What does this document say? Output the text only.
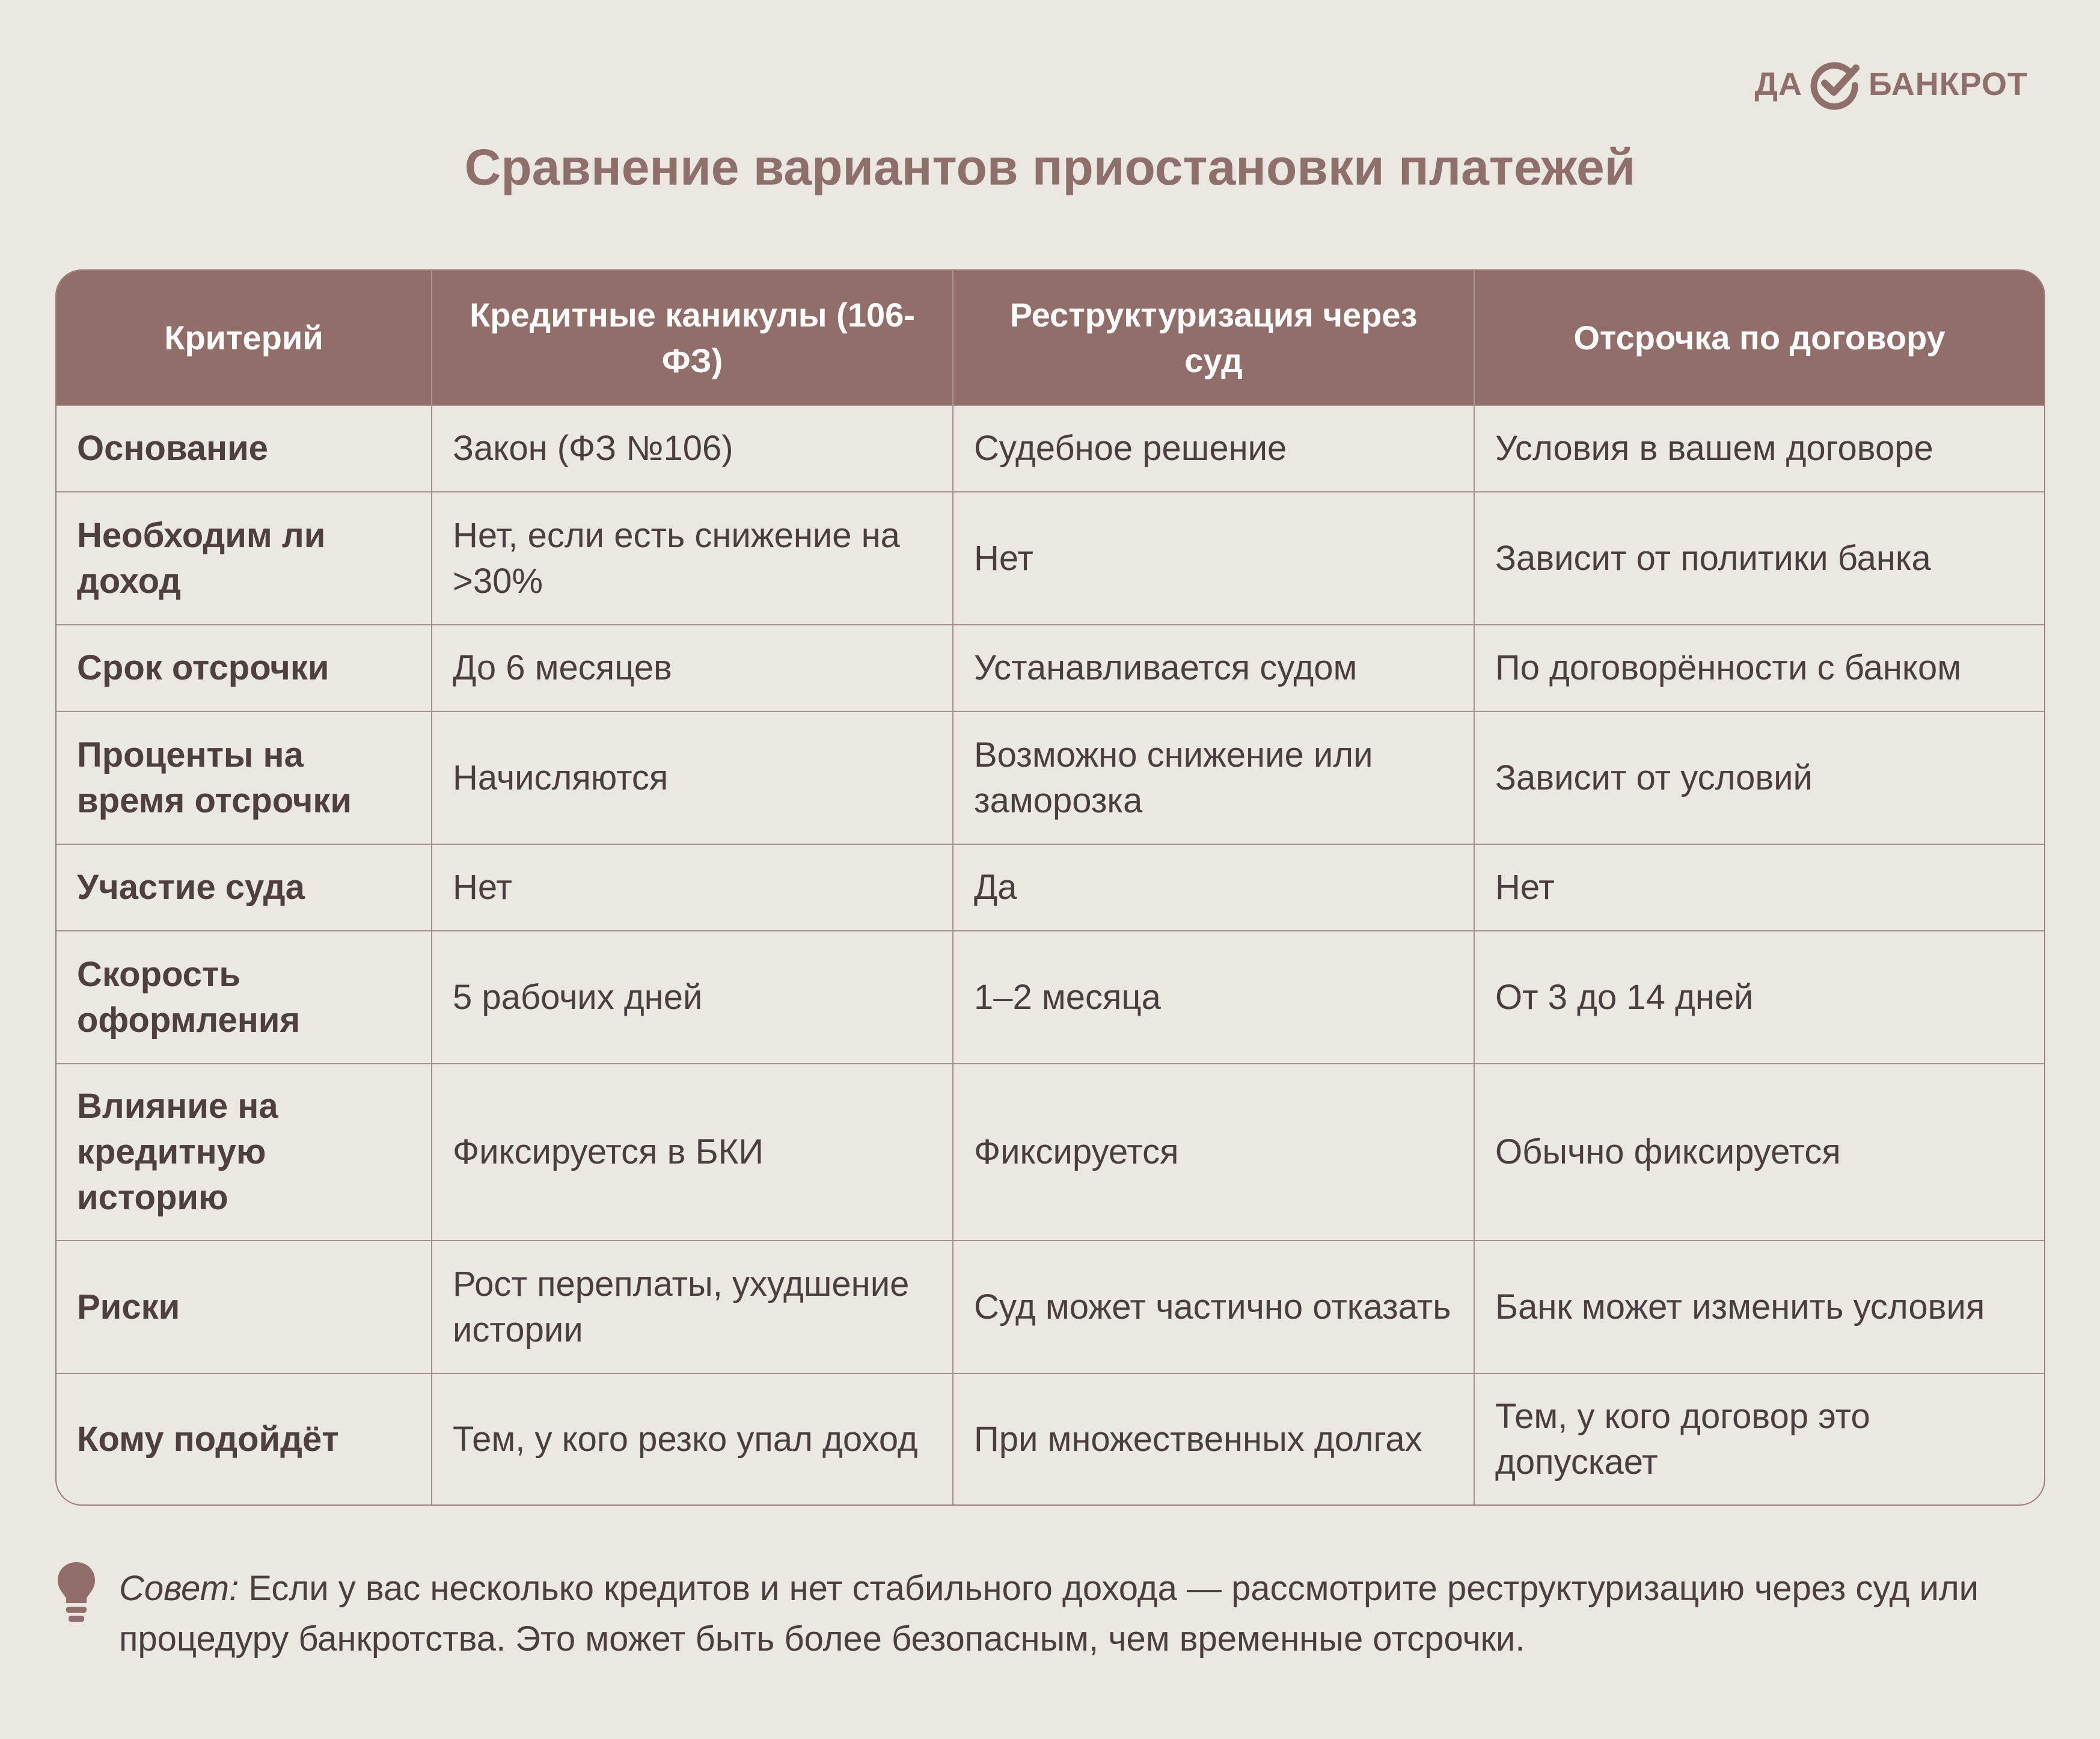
ДА БАНКРОТ
Сравнение вариантов приостановки платежей
Критерий	Кредитные каникулы (106-ФЗ)	Реструктуризация через суд	Отсрочка по договору
Основание	Закон (ФЗ №106)	Судебное решение	Условия в вашем договоре
Необходим ли доход	Нет, если есть снижение на >30%	Нет	Зависит от политики банка
Срок отсрочки	До 6 месяцев	Устанавливается судом	По договорённости с банком
Проценты на время отсрочки	Начисляются	Возможно снижение или заморозка	Зависит от условий
Участие суда	Нет	Да	Нет
Скорость оформления	5 рабочих дней	1–2 месяца	От 3 до 14 дней
Влияние на кредитную историю	Фиксируется в БКИ	Фиксируется	Обычно фиксируется
Риски	Рост переплаты, ухудшение истории	Суд может частично отказать	Банк может изменить условия
Кому подойдёт	Тем, у кого резко упал доход	При множественных долгах	Тем, у кого договор это допускает
Совет: Если у вас несколько кредитов и нет стабильного дохода — рассмотрите реструктуризацию через суд или процедуру банкротства. Это может быть более безопасным, чем временные отсрочки.
